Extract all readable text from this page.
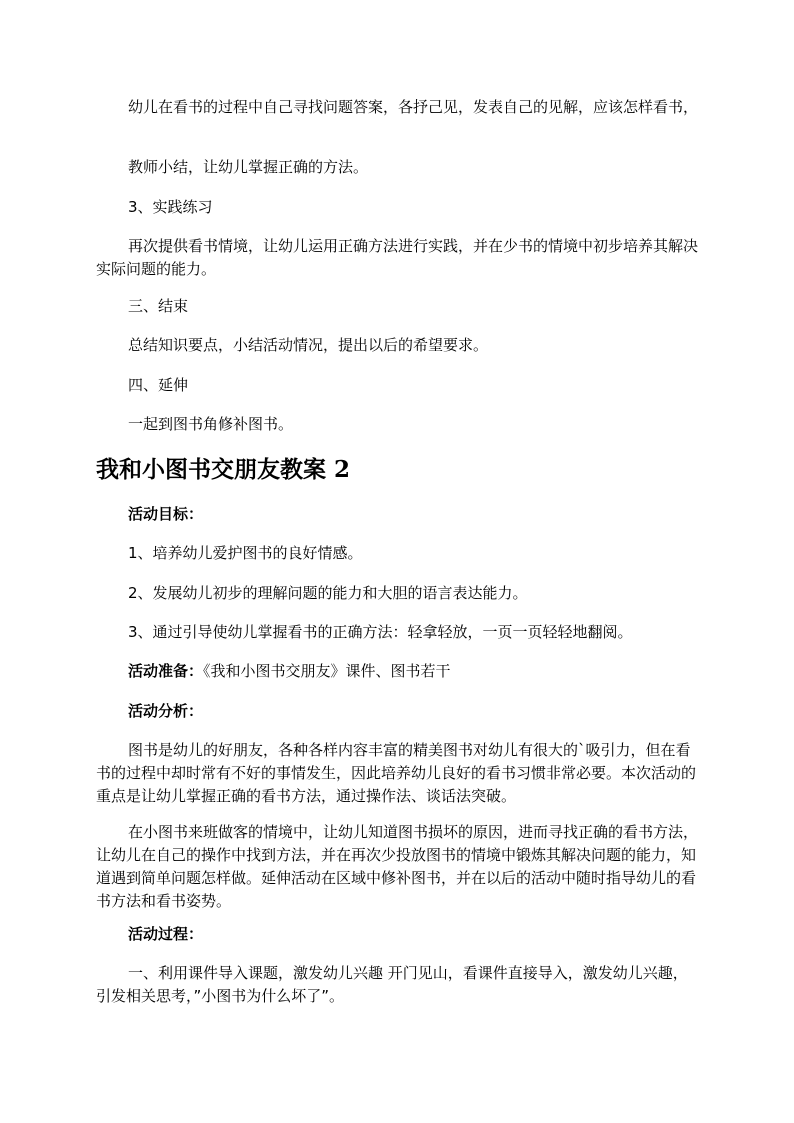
幼儿在看书的过程中自己寻找问题答案，各抒己见，发表自己的见解，应该怎样看书，

教师小结，让幼儿掌握正确的方法。

3、实践练习

再次提供看书情境，让幼儿运用正确方法进行实践，并在少书的情境中初步培养其解决实际问题的能力。

三、结束

总结知识要点，小结活动情况，提出以后的希望要求。

四、延伸

一起到图书角修补图书。

我和小图书交朋友教案 2

活动目标：

1、培养幼儿爱护图书的良好情感。

2、发展幼儿初步的理解问题的能力和大胆的语言表达能力。

3、通过引导使幼儿掌握看书的正确方法：轻拿轻放，一页一页轻轻地翻阅。

活动准备：《我和小图书交朋友》课件、图书若干

活动分析：

图书是幼儿的好朋友，各种各样内容丰富的精美图书对幼儿有很大的`吸引力，但在看书的过程中却时常有不好的事情发生，因此培养幼儿良好的看书习惯非常必要。本次活动的重点是让幼儿掌握正确的看书方法，通过操作法、谈话法突破。

在小图书来班做客的情境中，让幼儿知道图书损坏的原因，进而寻找正确的看书方法，让幼儿在自己的操作中找到方法，并在再次少投放图书的情境中锻炼其解决问题的能力，知道遇到简单问题怎样做。延伸活动在区域中修补图书，并在以后的活动中随时指导幼儿的看书方法和看书姿势。

活动过程：

一、利用课件导入课题，激发幼儿兴趣 开门见山，看课件直接导入，激发幼儿兴趣，引发相关思考，”小图书为什么坏了”。
